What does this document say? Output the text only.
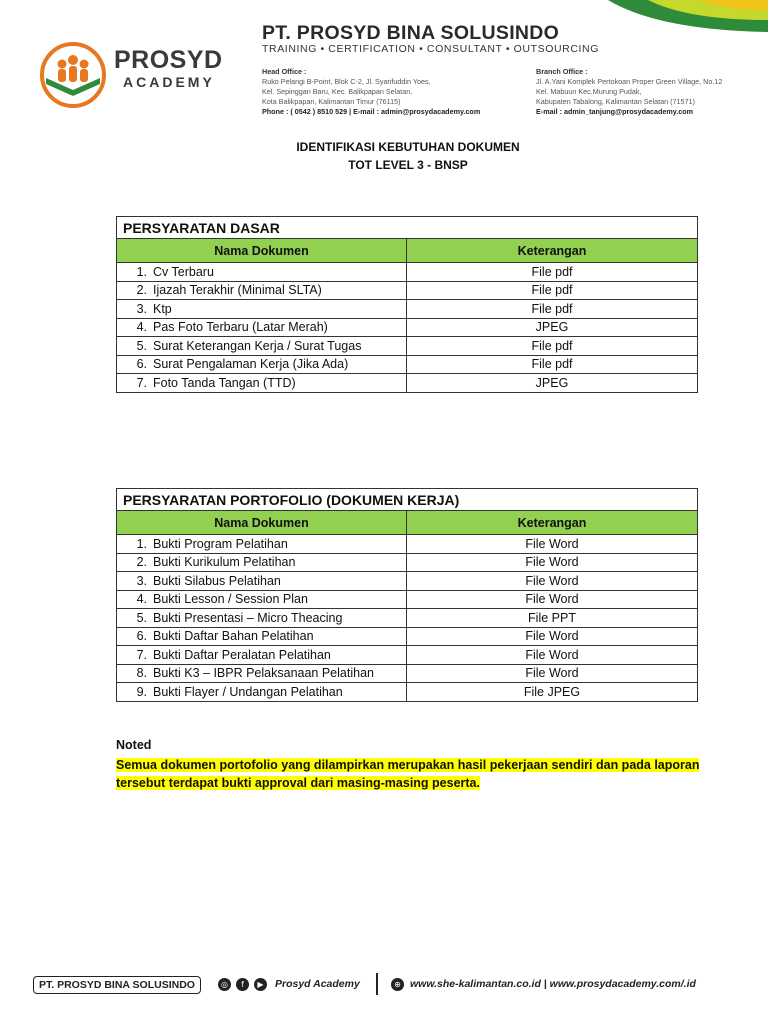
PROSYD
ACADEMY
PT. PROSYD BINA SOLUSINDO
TRAINING • CERTIFICATION • CONSULTANT • OUTSOURCING
Head Office :
Ruko Pelangi B-Point, Blok C-2, Jl. Syarifuddin Yoes,
Kel. Sepinggan Baru, Kec. Balikpapan Selatan,
Kota Balikpapan, Kalimantan Timur (76115)
Phone : ( 0542 ) 8510 529 | E-mail : admin@prosydacademy.com
Branch Office :
Jl. A.Yani Komplek Pertokoan Proper Green Village, No.12
Kel. Mabuun Kec.Murung Pudak,
Kabupaten Tabalong, Kalimantan Selatan (71571)
E-mail : admin_tanjung@prosydacademy.com
IDENTIFIKASI KEBUTUHAN DOKUMEN
TOT LEVEL 3 - BNSP
PERSYARATAN DASAR	
Nama Dokumen	Keterangan
1. Cv Terbaru	File pdf
2. Ijazah Terakhir (Minimal SLTA)	File pdf
3. Ktp	File pdf
4. Pas Foto Terbaru (Latar Merah)	JPEG
5. Surat Keterangan Kerja / Surat Tugas	File pdf
6. Surat Pengalaman Kerja (Jika Ada)	File pdf
7. Foto Tanda Tangan (TTD)	JPEG
PERSYARATAN PORTOFOLIO (DOKUMEN KERJA)	
Nama Dokumen	Keterangan
1. Bukti Program Pelatihan	File Word
2. Bukti Kurikulum Pelatihan	File Word
3. Bukti Silabus Pelatihan	File Word
4. Bukti Lesson / Session Plan	File Word
5. Bukti Presentasi – Micro Theacing	File PPT
6. Bukti Daftar Bahan Pelatihan	File Word
7. Bukti Daftar Peralatan Pelatihan	File Word
8. Bukti K3 – IBPR Pelaksanaan Pelatihan	File Word
9. Bukti Flayer / Undangan Pelatihan	File JPEG
Noted
Semua dokumen portofolio yang dilampirkan merupakan hasil pekerjaan sendiri dan pada laporan tersebut terdapat bukti approval dari masing-masing peserta.
PT. PROSYD BINA SOLUSINDO	◎	f	▶	Prosyd Academy	⊕ www.she-kalimantan.co.id | www.prosydacademy.com/.id
